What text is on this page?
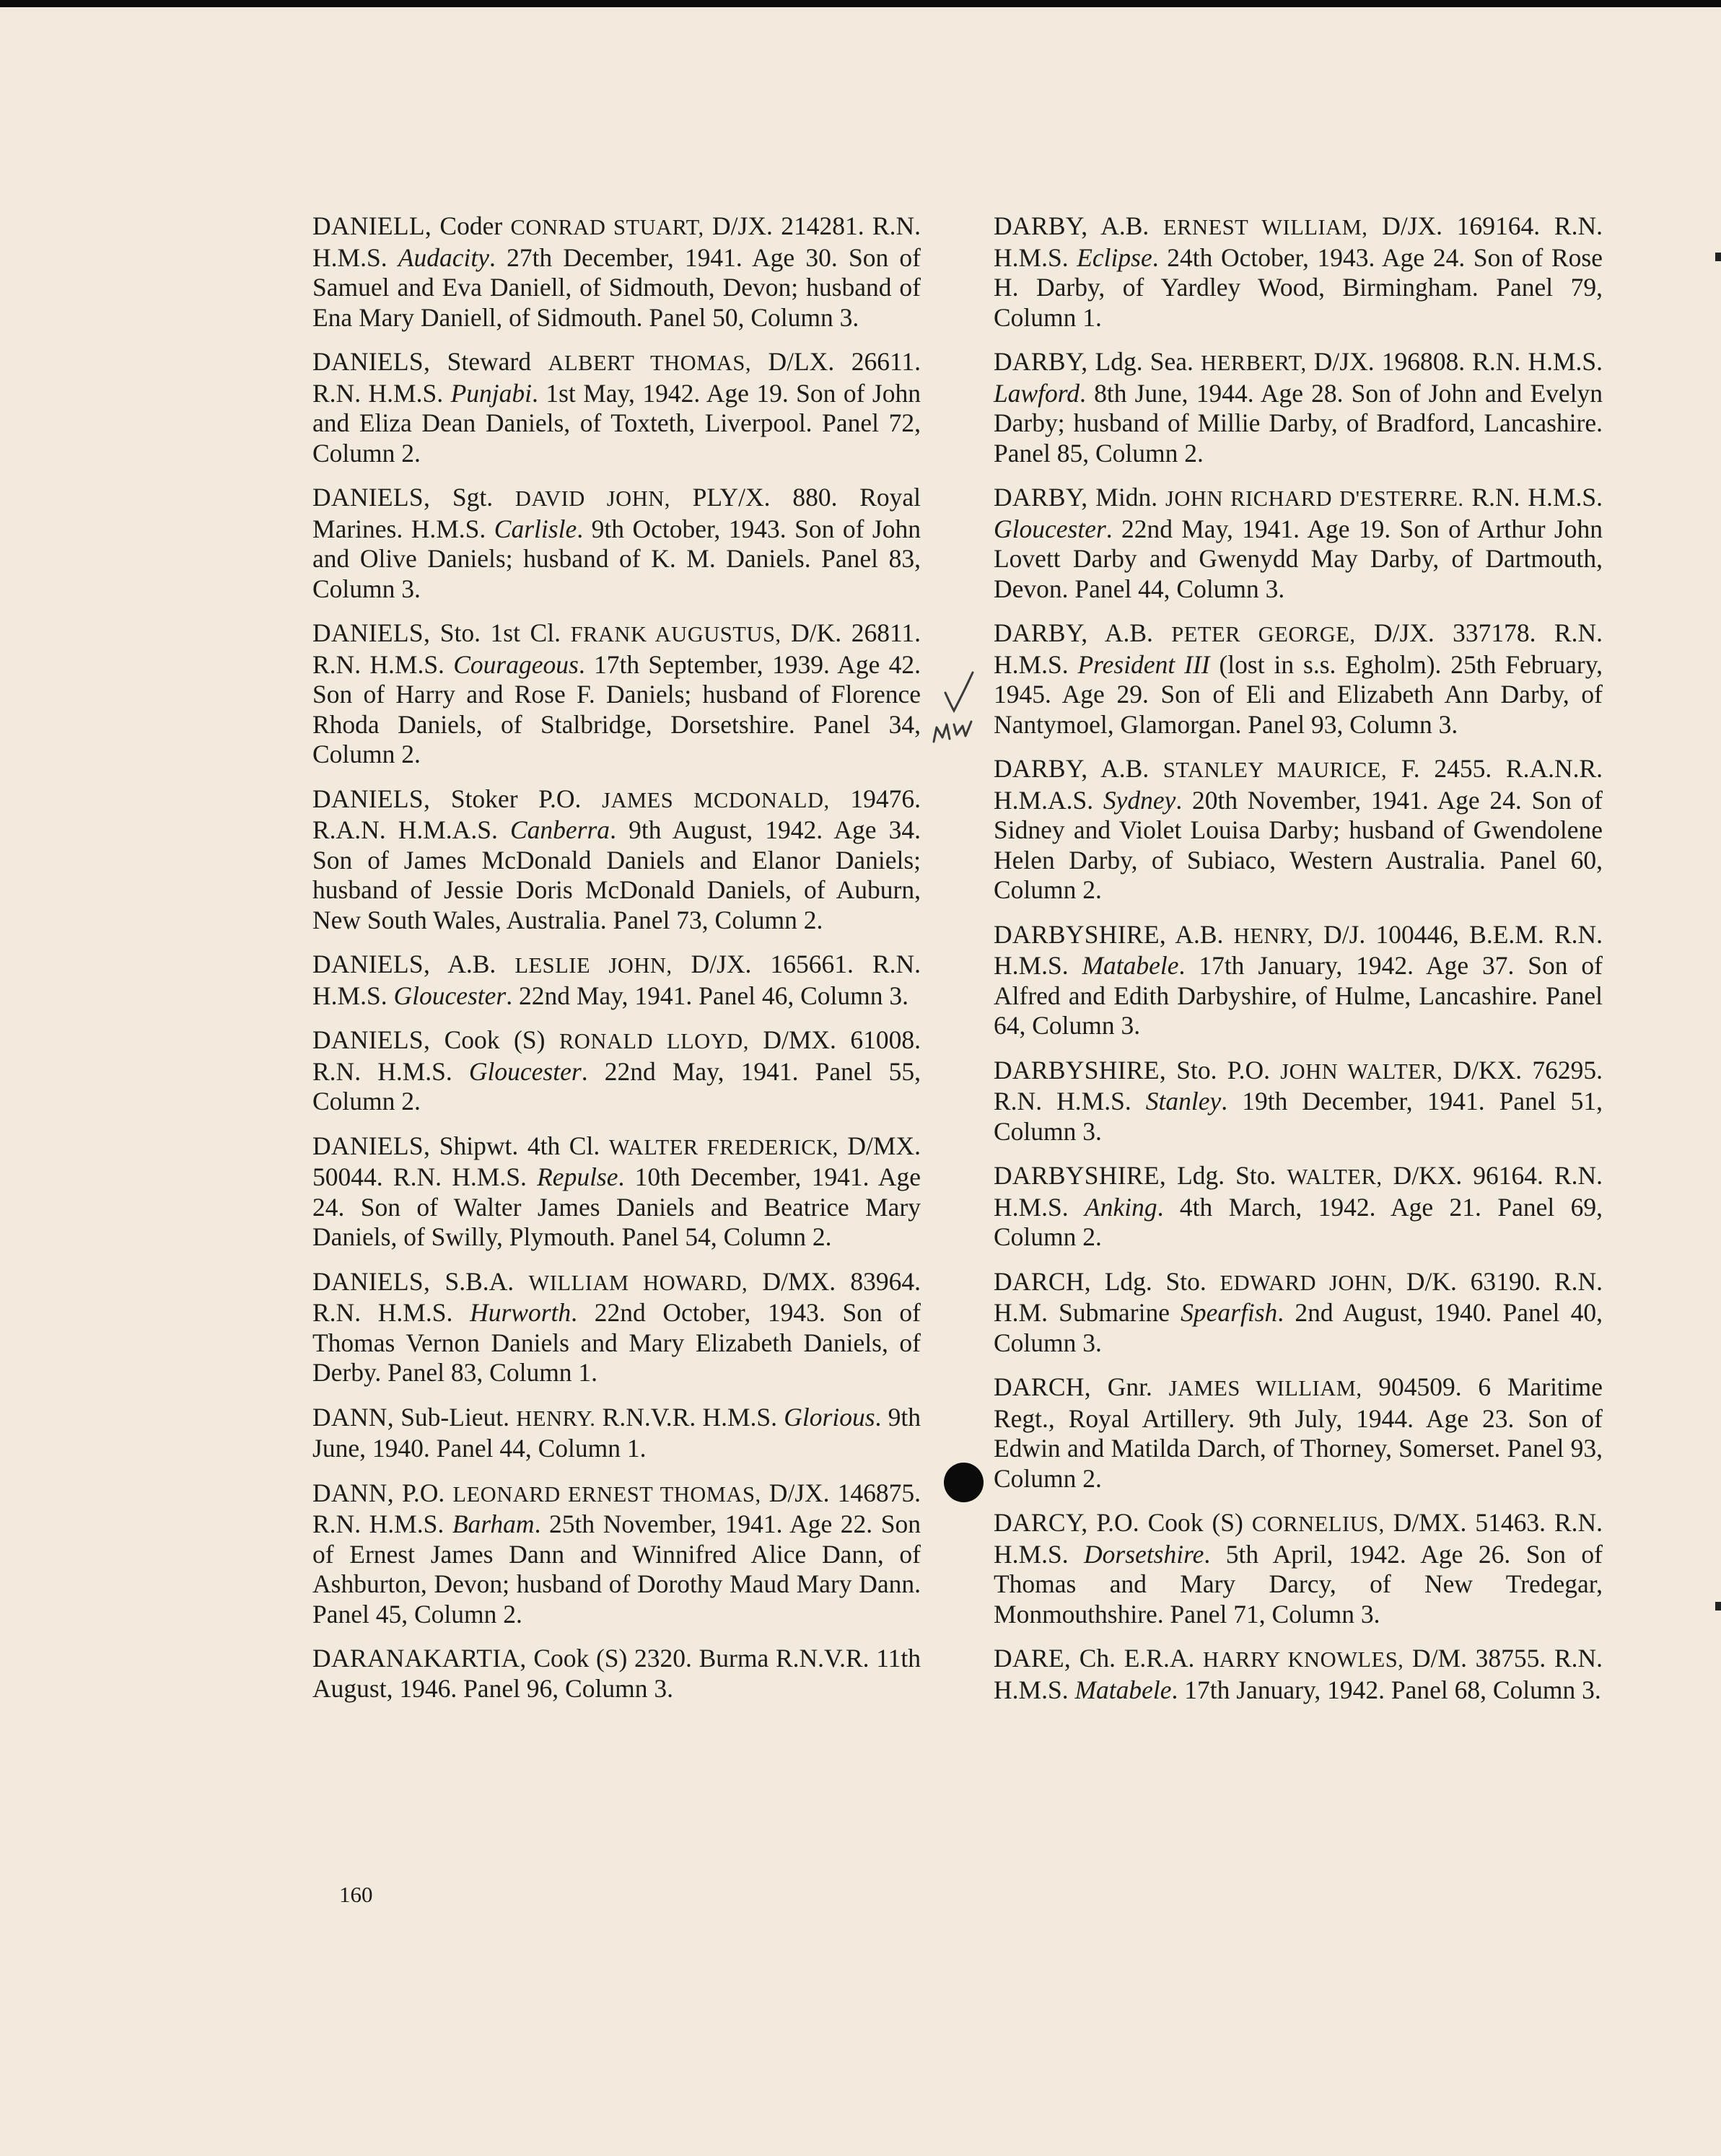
DANIELL, Coder CONRAD STUART, D/JX. 214281. R.N. H.M.S. Audacity. 27th December, 1941. Age 30. Son of Samuel and Eva Daniell, of Sidmouth, Devon; husband of Ena Mary Daniell, of Sidmouth. Panel 50, Column 3.

DANIELS, Steward ALBERT THOMAS, D/LX. 26611. R.N. H.M.S. Punjabi. 1st May, 1942. Age 19. Son of John and Eliza Dean Daniels, of Toxteth, Liverpool. Panel 72, Column 2.

DANIELS, Sgt. DAVID JOHN, PLY/X. 880. Royal Marines. H.M.S. Carlisle. 9th October, 1943. Son of John and Olive Daniels; husband of K. M. Daniels. Panel 83, Column 3.

DANIELS, Sto. 1st Cl. FRANK AUGUSTUS, D/K. 26811. R.N. H.M.S. Courageous. 17th September, 1939. Age 42. Son of Harry and Rose F. Daniels; husband of Florence Rhoda Daniels, of Stalbridge, Dorsetshire. Panel 34, Column 2.

DANIELS, Stoker P.O. JAMES MCDONALD, 19476. R.A.N. H.M.A.S. Canberra. 9th August, 1942. Age 34. Son of James McDonald Daniels and Elanor Daniels; husband of Jessie Doris McDonald Daniels, of Auburn, New South Wales, Australia. Panel 73, Column 2.

DANIELS, A.B. LESLIE JOHN, D/JX. 165661. R.N. H.M.S. Gloucester. 22nd May, 1941. Panel 46, Column 3.

DANIELS, Cook (S) RONALD LLOYD, D/MX. 61008. R.N. H.M.S. Gloucester. 22nd May, 1941. Panel 55, Column 2.

DANIELS, Shipwt. 4th Cl. WALTER FREDERICK, D/MX. 50044. R.N. H.M.S. Repulse. 10th December, 1941. Age 24. Son of Walter James Daniels and Beatrice Mary Daniels, of Swilly, Plymouth. Panel 54, Column 2.

DANIELS, S.B.A. WILLIAM HOWARD, D/MX. 83964. R.N. H.M.S. Hurworth. 22nd October, 1943. Son of Thomas Vernon Daniels and Mary Elizabeth Daniels, of Derby. Panel 83, Column 1.

DANN, Sub-Lieut. HENRY. R.N.V.R. H.M.S. Glorious. 9th June, 1940. Panel 44, Column 1.

DANN, P.O. LEONARD ERNEST THOMAS, D/JX. 146875. R.N. H.M.S. Barham. 25th November, 1941. Age 22. Son of Ernest James Dann and Winnifred Alice Dann, of Ashburton, Devon; husband of Dorothy Maud Mary Dann. Panel 45, Column 2.

DARANAKARTIA, Cook (S) 2320. Burma R.N.V.R. 11th August, 1946. Panel 96, Column 3.

DARBY, A.B. ERNEST WILLIAM, D/JX. 169164. R.N. H.M.S. Eclipse. 24th October, 1943. Age 24. Son of Rose H. Darby, of Yardley Wood, Birmingham. Panel 79, Column 1.

DARBY, Ldg. Sea. HERBERT, D/JX. 196808. R.N. H.M.S. Lawford. 8th June, 1944. Age 28. Son of John and Evelyn Darby; husband of Millie Darby, of Bradford, Lancashire. Panel 85, Column 2.

DARBY, Midn. JOHN RICHARD D'ESTERRE. R.N. H.M.S. Gloucester. 22nd May, 1941. Age 19. Son of Arthur John Lovett Darby and Gwenydd May Darby, of Dartmouth, Devon. Panel 44, Column 3.

DARBY, A.B. PETER GEORGE, D/JX. 337178. R.N. H.M.S. President III (lost in s.s. Egholm). 25th February, 1945. Age 29. Son of Eli and Elizabeth Ann Darby, of Nantymoel, Glamorgan. Panel 93, Column 3.

DARBY, A.B. STANLEY MAURICE, F. 2455. R.A.N.R. H.M.A.S. Sydney. 20th November, 1941. Age 24. Son of Sidney and Violet Louisa Darby; husband of Gwendolene Helen Darby, of Subiaco, Western Australia. Panel 60, Column 2.

DARBYSHIRE, A.B. HENRY, D/J. 100446, B.E.M. R.N. H.M.S. Matabele. 17th January, 1942. Age 37. Son of Alfred and Edith Darbyshire, of Hulme, Lancashire. Panel 64, Column 3.

DARBYSHIRE, Sto. P.O. JOHN WALTER, D/KX. 76295. R.N. H.M.S. Stanley. 19th December, 1941. Panel 51, Column 3.

DARBYSHIRE, Ldg. Sto. WALTER, D/KX. 96164. R.N. H.M.S. Anking. 4th March, 1942. Age 21. Panel 69, Column 2.

DARCH, Ldg. Sto. EDWARD JOHN, D/K. 63190. R.N. H.M. Submarine Spearfish. 2nd August, 1940. Panel 40, Column 3.

DARCH, Gnr. JAMES WILLIAM, 904509. 6 Maritime Regt., Royal Artillery. 9th July, 1944. Age 23. Son of Edwin and Matilda Darch, of Thorney, Somerset. Panel 93, Column 2.

DARCY, P.O. Cook (S) CORNELIUS, D/MX. 51463. R.N. H.M.S. Dorsetshire. 5th April, 1942. Age 26. Son of Thomas and Mary Darcy, of New Tredegar, Monmouthshire. Panel 71, Column 3.

DARE, Ch. E.R.A. HARRY KNOWLES, D/M. 38755. R.N. H.M.S. Matabele. 17th January, 1942. Panel 68, Column 3.

160
